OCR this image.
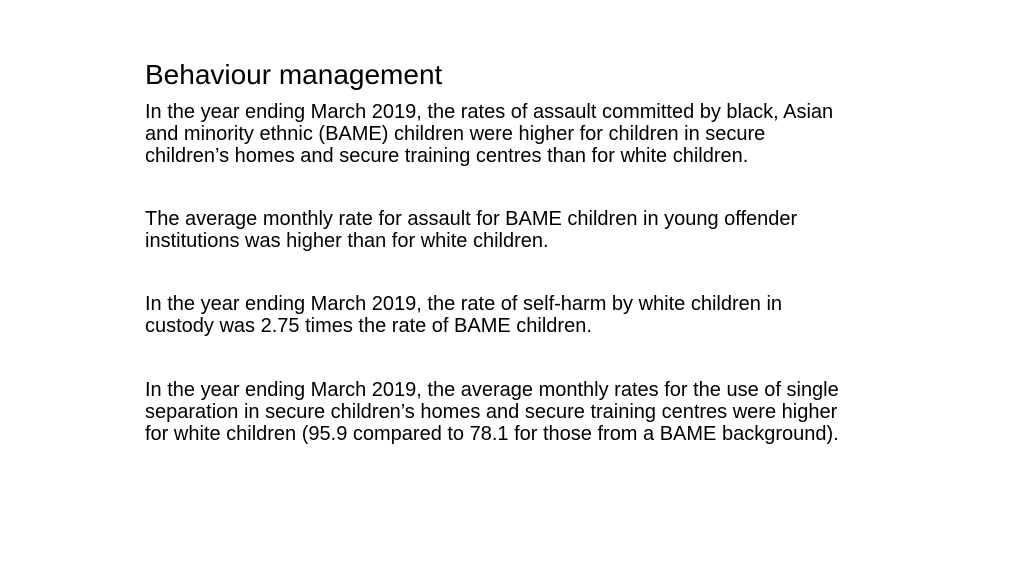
Behaviour management

In the year ending March 2019, the rates of assault committed by black, Asian
and minority ethnic (BAME) children were higher for children in secure
children’s homes and secure training centres than for white children.

The average monthly rate for assault for BAME children in young offender
institutions was higher than for white children.

In the year ending March 2019, the rate of self-harm by white children in
custody was 2.75 times the rate of BAME children.

In the year ending March 2019, the average monthly rates for the use of single
separation in secure children’s homes and secure training centres were higher
for white children (95.9 compared to 78.1 for those from a BAME background).
